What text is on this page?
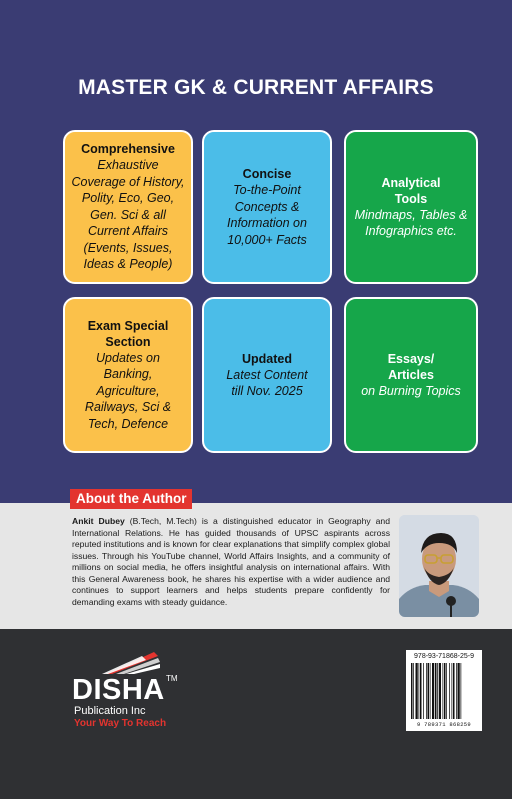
MASTER GK & CURRENT AFFAIRS
Comprehensive
Exhaustive Coverage of History, Polity, Eco, Geo, Gen. Sci & all Current Affairs (Events, Issues, Ideas & People)
Concise
To-the-Point Concepts & Information on 10,000+ Facts
Analytical Tools
Mindmaps, Tables & Infographics etc.
Exam Special Section
Updates on Banking, Agriculture, Railways, Sci & Tech, Defence
Updated
Latest Content till Nov. 2025
Essays/ Articles
on Burning Topics
About the Author
Ankit Dubey (B.Tech, M.Tech) is a distinguished educator in Geography and International Relations. He has guided thousands of UPSC aspirants across reputed institutions and is known for clear explanations that simplify complex global issues. Through his YouTube channel, World Affairs Insights, and a community of millions on social media, he offers insightful analysis on international affairs. With this General Awareness book, he shares his expertise with a wider audience and continues to support learners and helps students prepare confidently for demanding exams with steady guidance.
DISHA TM
Publication Inc
Your Way To Reach
978-93-71868-25-9
9 789371 868259
